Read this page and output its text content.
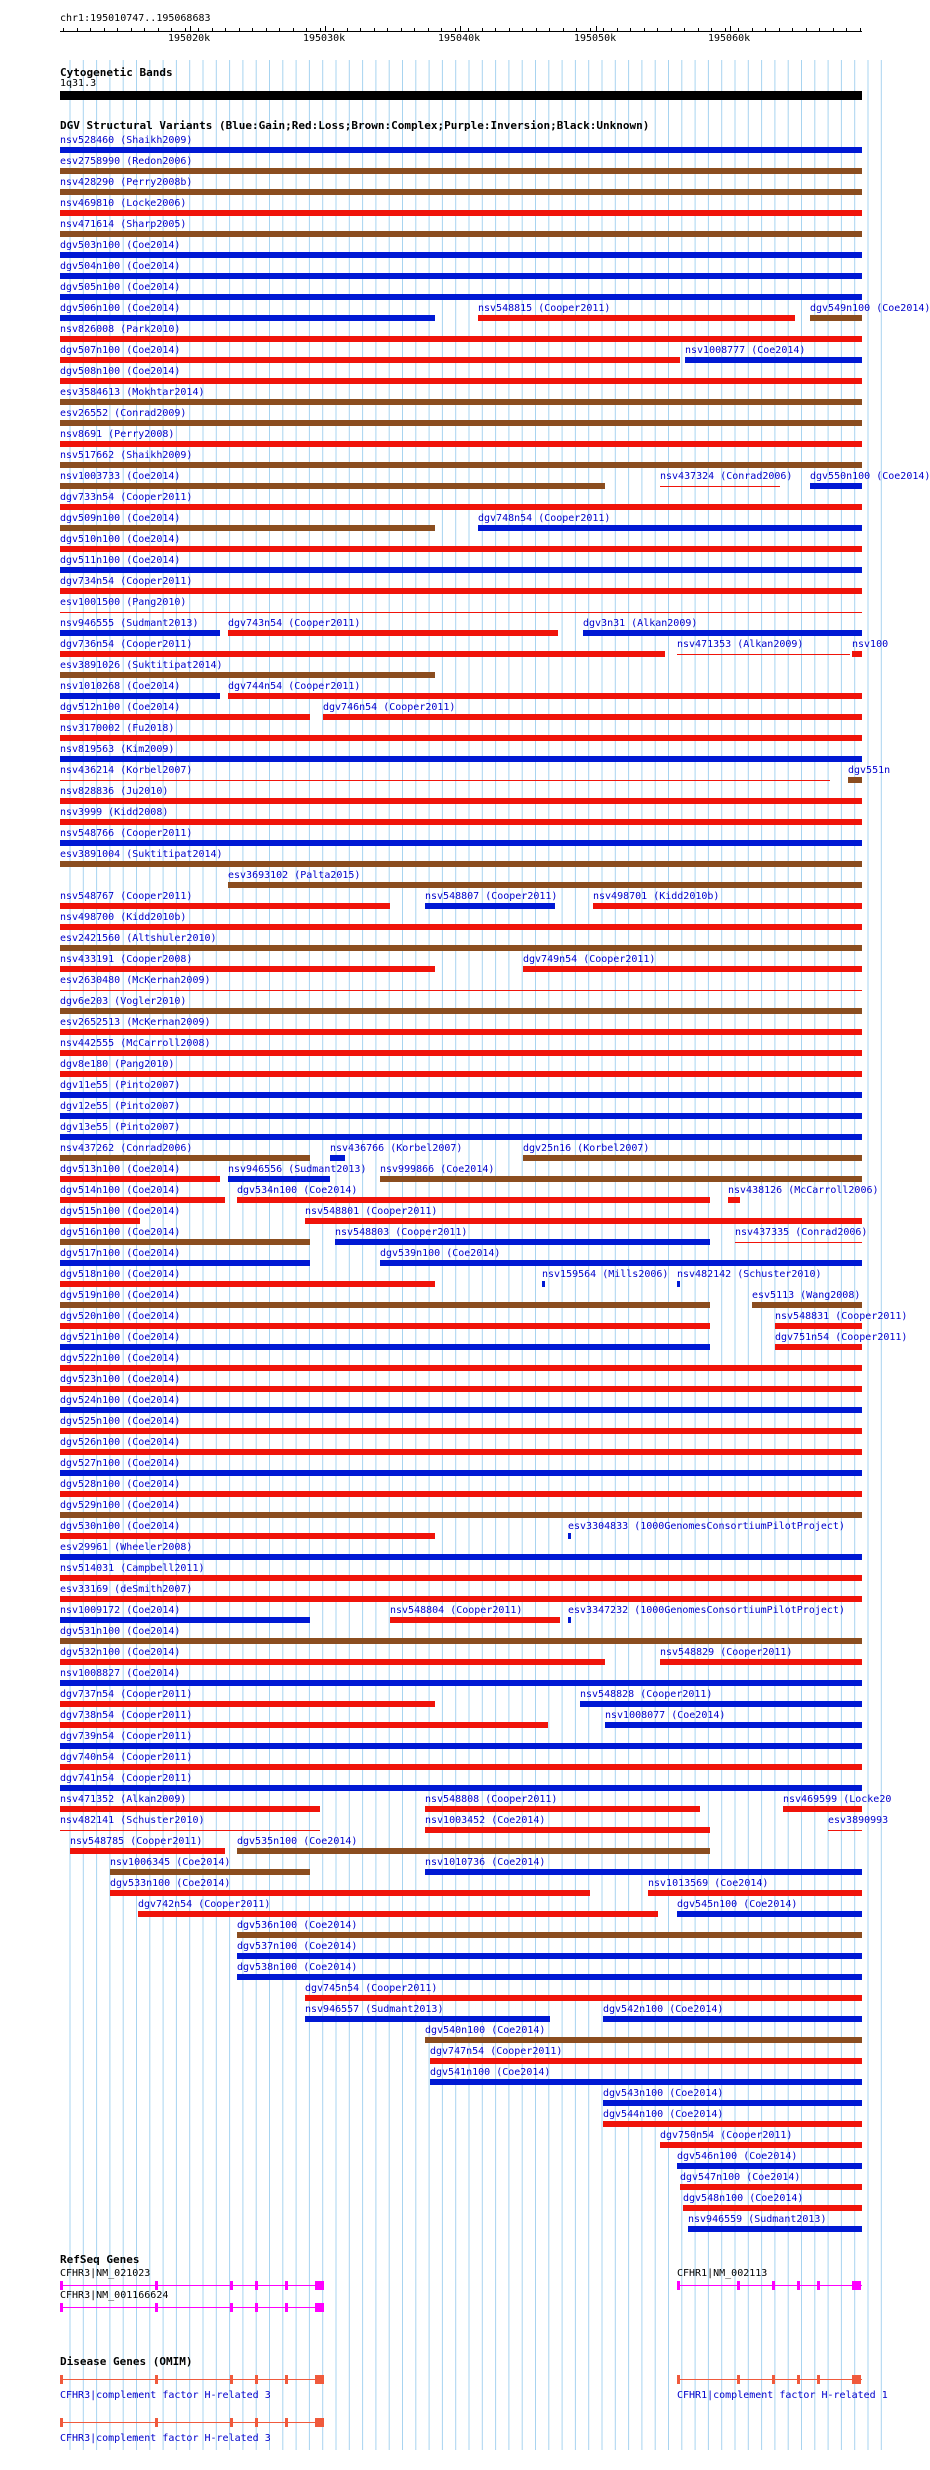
chr1:195010747..195068683
195020k	195030k	195040k	195050k	195060k
Cytogenetic Bands
1q31.3
DGV Structural Variants (Blue:Gain;Red:Loss;Brown:Complex;Purple:Inversion;Black:Unknown)
nsv528460 (Shaikh2009)
esv2758990 (Redon2006)
nsv428290 (Perry2008b)
nsv469810 (Locke2006)
nsv471614 (Sharp2005)
dgv503n100 (Coe2014)
dgv504n100 (Coe2014)
dgv505n100 (Coe2014)
dgv506n100 (Coe2014)	nsv548815 (Cooper2011)	dgv549n100 (Coe2014)
nsv826008 (Park2010)
dgv507n100 (Coe2014)	nsv1008777 (Coe2014)
dgv508n100 (Coe2014)
esv3584613 (Mokhtar2014)
esv26552 (Conrad2009)
nsv8691 (Perry2008)
nsv517662 (Shaikh2009)
nsv1003733 (Coe2014)	nsv437324 (Conrad2006) dgv550n100 (Coe2014)
dgv733n54 (Cooper2011)
dgv509n100 (Coe2014)	dgv748n54 (Cooper2011)
dgv510n100 (Coe2014)
dgv511n100 (Coe2014)
dgv734n54 (Cooper2011)
esv1001500 (Pang2010)
nsv946555 (Sudmant2013)	dgv743n54 (Cooper2011)	dgv3n31 (Alkan2009)
dgv736n54 (Cooper2011)	nsv471353 (Alkan2009)	nsv100
esv3891026 (Suktitipat2014)
nsv1010268 (Coe2014)	dgv744n54 (Cooper2011)
dgv512n100 (Coe2014)	dgv746n54 (Cooper2011)
nsv3170002 (Fu2018)
nsv819563 (Kim2009)
nsv436214 (Korbel2007)	dgv551n
nsv828836 (Ju2010)
nsv3999 (Kidd2008)
nsv548766 (Cooper2011)
esv3891004 (Suktitipat2014)
esv3693102 (Palta2015)
nsv548767 (Cooper2011)	nsv548807 (Cooper2011)	nsv498701 (Kidd2010b)
nsv498700 (Kidd2010b)
esv2421560 (Altshuler2010)
nsv433191 (Cooper2008)	dgv749n54 (Cooper2011)
esv2630480 (McKernan2009)
dgv6e203 (Vogler2010)
esv2652513 (McKernan2009)
nsv442555 (McCarroll2008)
dgv8e180 (Pang2010)
dgv11e55 (Pinto2007)
dgv12e55 (Pinto2007)
dgv13e55 (Pinto2007)
nsv437262 (Conrad2006)	nsv436766 (Korbel2007)	dgv25n16 (Korbel2007)
dgv513n100 (Coe2014)	nsv946556 (Sudmant2013) nsv999866 (Coe2014)
dgv514n100 (Coe2014)	dgv534n100 (Coe2014)	nsv438126 (McCarroll2006)
dgv515n100 (Coe2014)	nsv548801 (Cooper2011)
dgv516n100 (Coe2014)	nsv548803 (Cooper2011)	nsv437335 (Conrad2006)
dgv517n100 (Coe2014)	dgv539n100 (Coe2014)
dgv518n100 (Coe2014)	nsv159564 (Mills2006) nsv482142 (Schuster2010)
dgv519n100 (Coe2014)	esv5113 (Wang2008)
dgv520n100 (Coe2014)	nsv548831 (Cooper2011)
dgv521n100 (Coe2014)	dgv751n54 (Cooper2011)
dgv522n100 (Coe2014)
dgv523n100 (Coe2014)
dgv524n100 (Coe2014)
dgv525n100 (Coe2014)
dgv526n100 (Coe2014)
dgv527n100 (Coe2014)
dgv528n100 (Coe2014)
dgv529n100 (Coe2014)
dgv530n100 (Coe2014)	esv3304833 (1000GenomesConsortiumPilotProject)
esv29961 (Wheeler2008)
nsv514031 (Campbell2011)
esv33169 (deSmith2007)
nsv1009172 (Coe2014)	nsv548804 (Cooper2011)	esv3347232 (1000GenomesConsortiumPilotProject)
dgv531n100 (Coe2014)
dgv532n100 (Coe2014)	nsv548829 (Cooper2011)
nsv1008827 (Coe2014)
dgv737n54 (Cooper2011)	nsv548828 (Cooper2011)
dgv738n54 (Cooper2011)	nsv1008077 (Coe2014)
dgv739n54 (Cooper2011)
dgv740n54 (Cooper2011)
dgv741n54 (Cooper2011)
nsv471352 (Alkan2009)	nsv548808 (Cooper2011)	nsv469599 (Locke20
nsv482141 (Schuster2010)	nsv1003452 (Coe2014)	esv3890993
nsv548785 (Cooper2011)	dgv535n100 (Coe2014)
nsv1006345 (Coe2014)	nsv1010736 (Coe2014)
dgv533n100 (Coe2014)	nsv1013569 (Coe2014)
dgv742n54 (Cooper2011)	dgv545n100 (Coe2014)
dgv536n100 (Coe2014)
dgv537n100 (Coe2014)
dgv538n100 (Coe2014)
dgv745n54 (Cooper2011)
nsv946557 (Sudmant2013)	dgv542n100 (Coe2014)
dgv540n100 (Coe2014)
dgv747n54 (Cooper2011)
dgv541n100 (Coe2014)
dgv543n100 (Coe2014)
dgv544n100 (Coe2014)
dgv750n54 (Cooper2011)
dgv546n100 (Coe2014)
dgv547n100 (Coe2014)
dgv548n100 (Coe2014)
nsv946559 (Sudmant2013)
RefSeq Genes
CFHR3|NM_021023	CFHR1|NM_002113
CFHR3|NM_001166624
Disease Genes (OMIM)
CFHR3|complement factor H-related 3	CFHR1|complement factor H-related 1
CFHR3|complement factor H-related 3
